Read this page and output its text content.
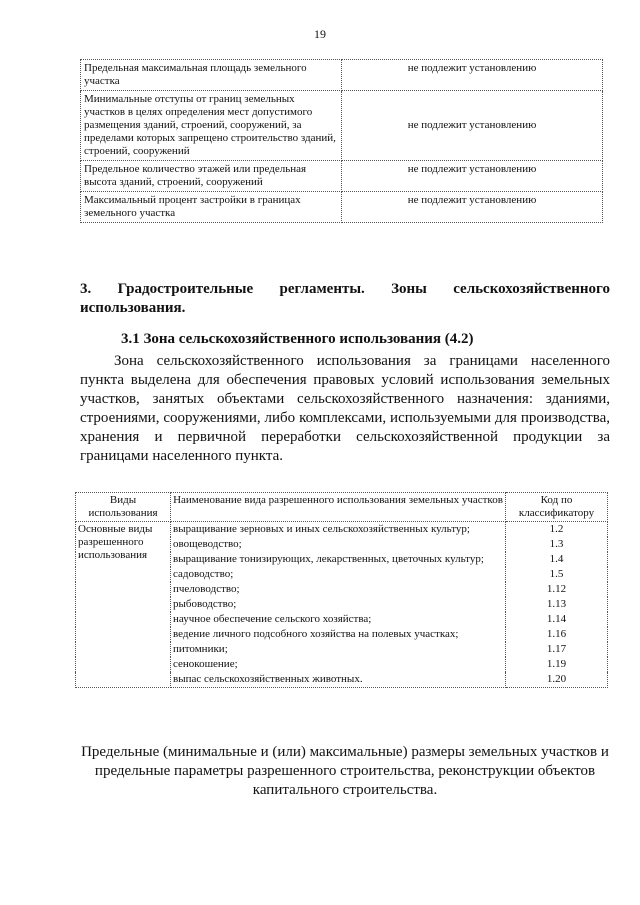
19
Предельная максимальная площадь земельного участка	не подлежит установлению
Минимальные отступы от границ земельных участков в целях определения мест допустимого размещения зданий, строений, сооружений, за пределами которых запрещено строительство зданий, строений, сооружений	не подлежит установлению
Предельное количество этажей или предельная высота зданий, строений, сооружений	не подлежит установлению
Максимальный процент застройки в границах земельного участка	не подлежит установлению
3. Градостроительные регламенты. Зоны сельскохозяйственного использования.
3.1 Зона сельскохозяйственного использования (4.2)
Зона сельскохозяйственного использования за границами населенного пункта выделена для обеспечения правовых условий использования земельных участков, занятых объектами сельскохозяйственного назначения: зданиями, строениями, сооружениями, либо комплексами, используемыми для производства, хранения и первичной переработки сельскохозяйственной продукции за границами населенного пункта.
Виды использования	Наименование вида разрешенного использования земельных участков	Код по классификатору
Основные виды разрешенного использования	выращивание зерновых и иных сельскохозяйственных культур;	1.2
	овощеводство;	1.3
	выращивание тонизирующих, лекарственных, цветочных культур;	1.4
	садоводство;	1.5
	пчеловодство;	1.12
	рыбоводство;	1.13
	научное обеспечение сельского хозяйства;	1.14
	ведение личного подсобного хозяйства на полевых участках;	1.16
	питомники;	1.17
	сенокошение;	1.19
	выпас сельскохозяйственных животных.	1.20
Предельные (минимальные и (или) максимальные) размеры земельных участков и предельные параметры разрешенного строительства, реконструкции объектов капитального строительства.
